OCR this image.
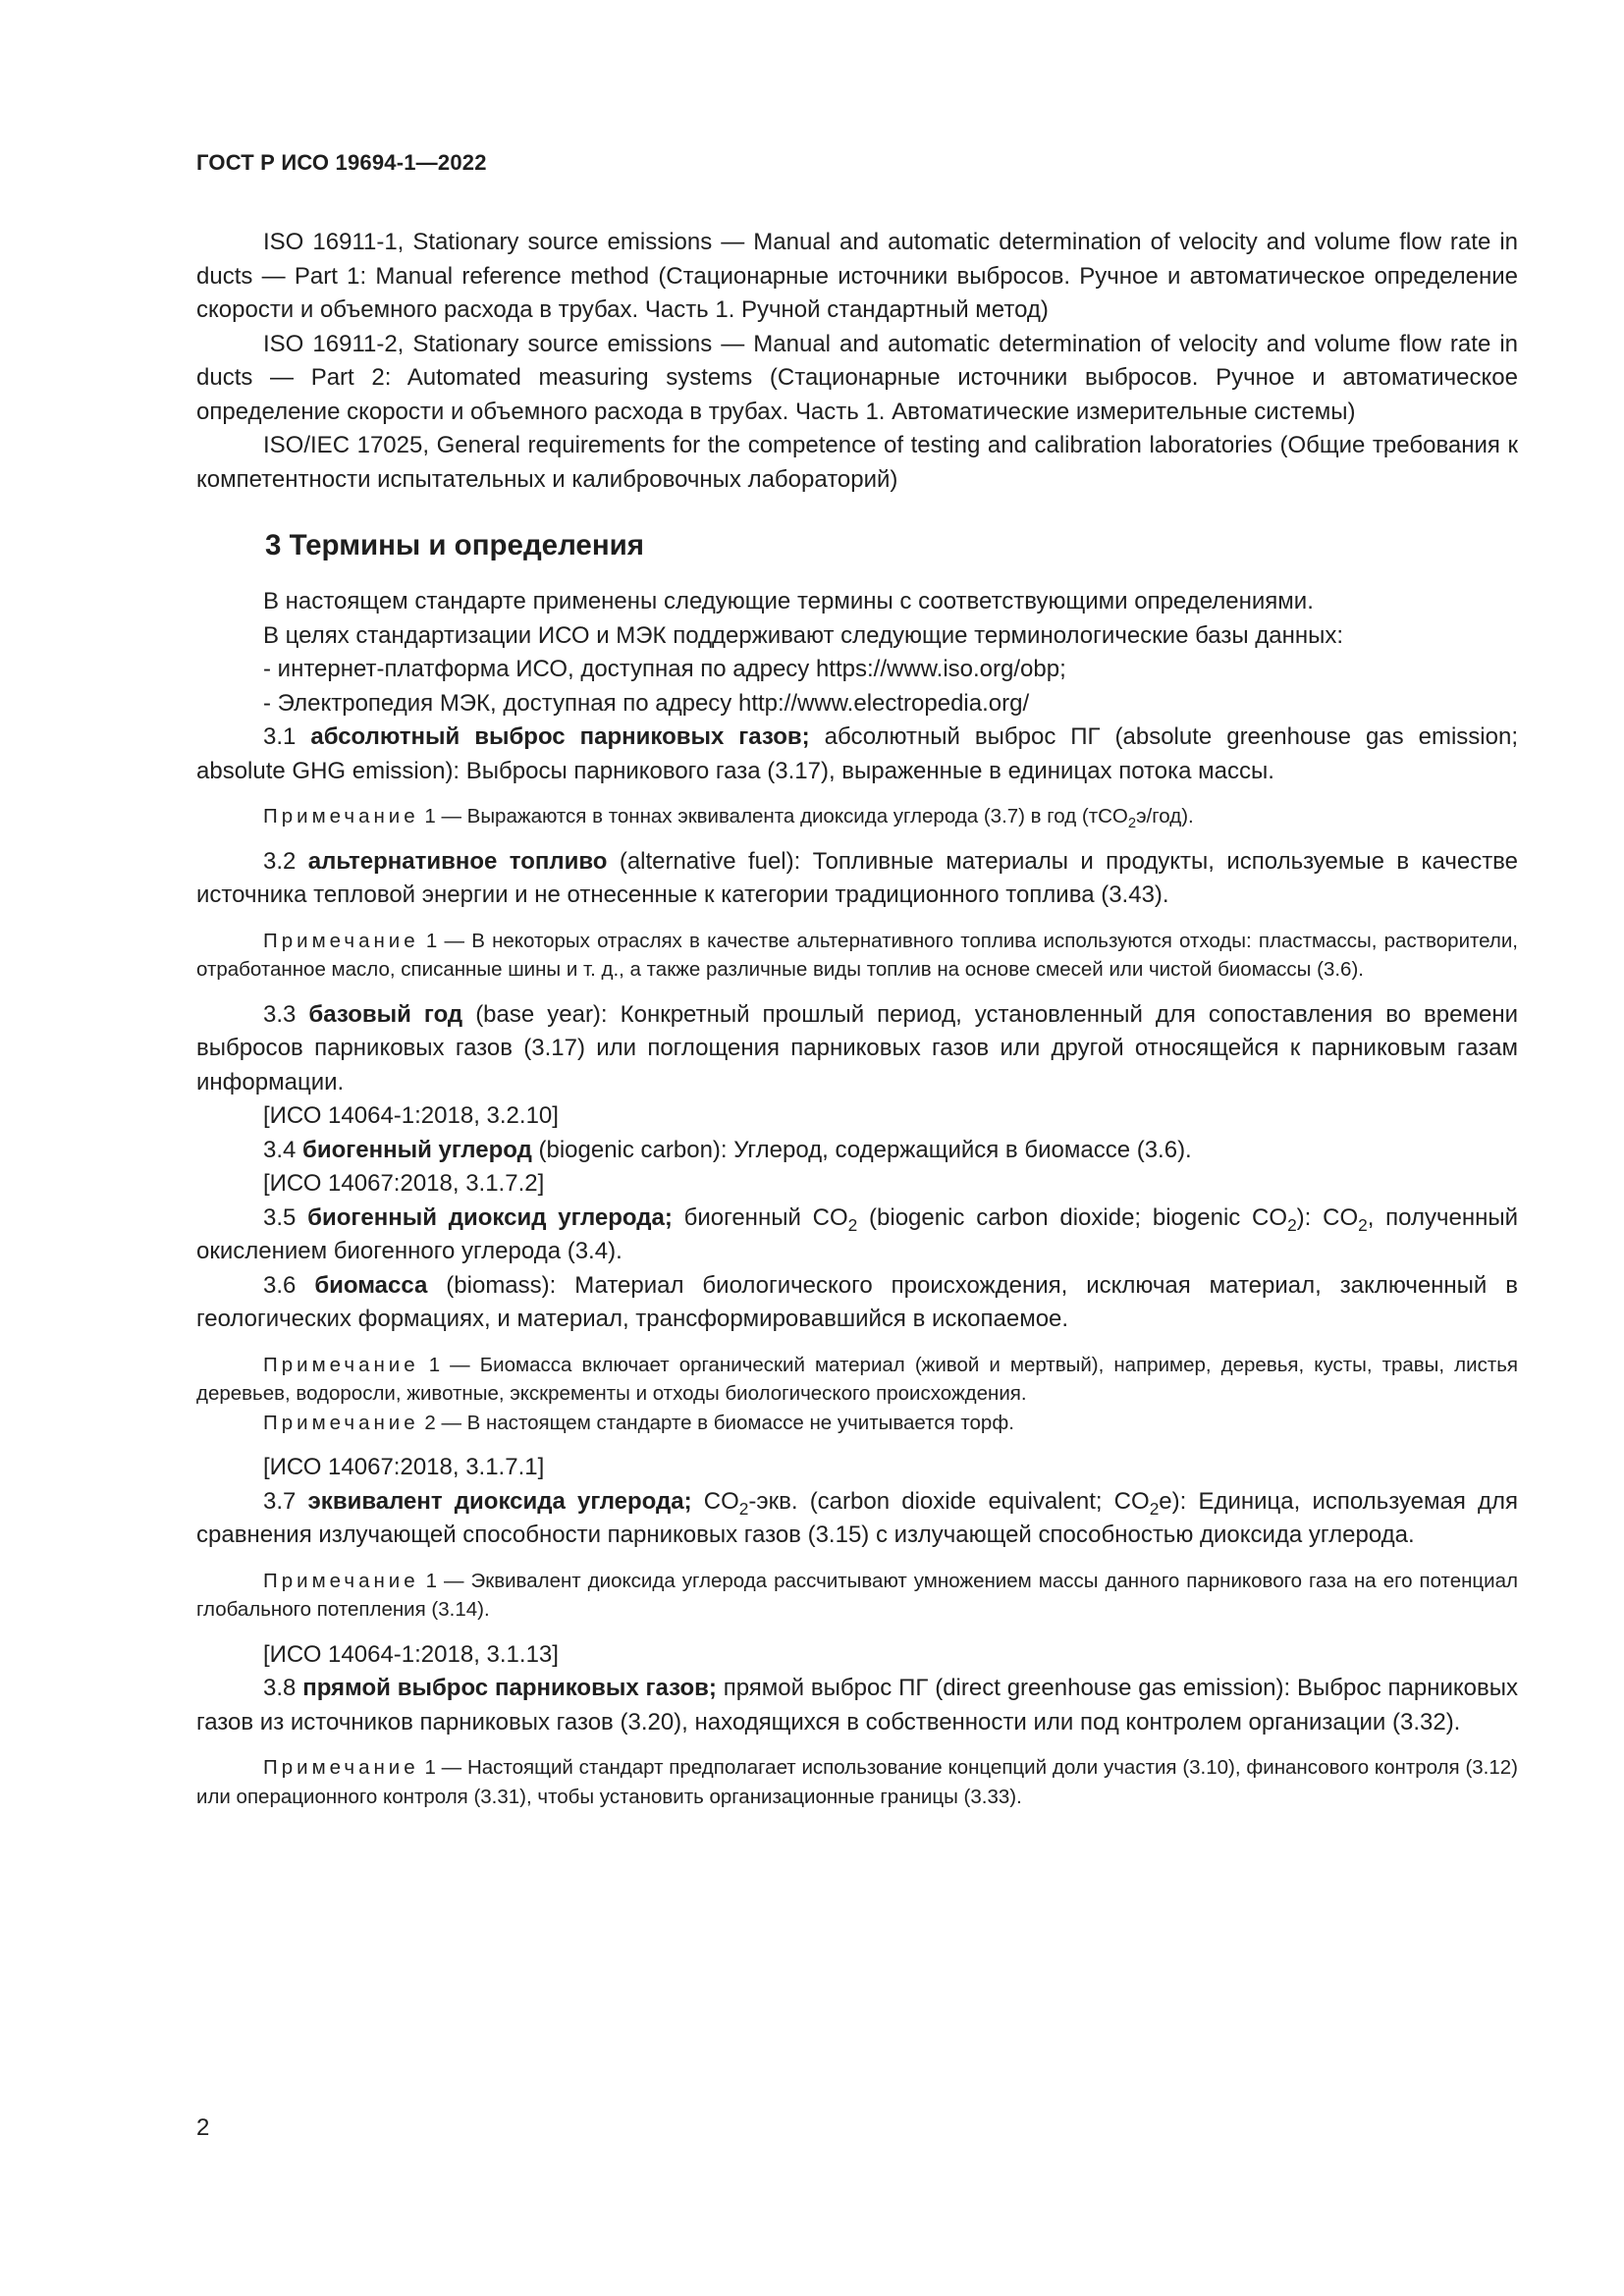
ГОСТ Р ИСО 19694-1—2022

ISO 16911-1, Stationary source emissions — Manual and automatic determination of velocity and volume flow rate in ducts — Part 1: Manual reference method (Стационарные источники выбросов. Ручное и автоматическое определение скорости и объемного расхода в трубах. Часть 1. Ручной стандартный метод)

ISO 16911-2, Stationary source emissions — Manual and automatic determination of velocity and volume flow rate in ducts — Part 2: Automated measuring systems (Стационарные источники выбросов. Ручное и автоматическое определение скорости и объемного расхода в трубах. Часть 1. Автоматические измерительные системы)

ISO/IEC 17025, General requirements for the competence of testing and calibration laboratories (Общие требования к компетентности испытательных и калибровочных лабораторий)

3 Термины и определения

В настоящем стандарте применены следующие термины с соответствующими определениями.

В целях стандартизации ИСО и МЭК поддерживают следующие терминологические базы данных:

- интернет-платформа ИСО, доступная по адресу https://www.iso.org/obp;

- Электропедия МЭК, доступная по адресу http://www.electropedia.org/

3.1 абсолютный выброс парниковых газов; абсолютный выброс ПГ (absolute greenhouse gas emission; absolute GHG emission): Выбросы парникового газа (3.17), выраженные в единицах потока массы.

Примечание 1 — Выражаются в тоннах эквивалента диоксида углерода (3.7) в год (тCO$_2$э/год).

3.2 альтернативное топливо (alternative fuel): Топливные материалы и продукты, используемые в качестве источника тепловой энергии и не отнесенные к категории традиционного топлива (3.43).

Примечание 1 — В некоторых отраслях в качестве альтернативного топлива используются отходы: пластмассы, растворители, отработанное масло, списанные шины и т. д., а также различные виды топлив на основе смесей или чистой биомассы (3.6).

3.3 базовый год (base year): Конкретный прошлый период, установленный для сопоставления во времени выбросов парниковых газов (3.17) или поглощения парниковых газов или другой относящейся к парниковым газам информации.

[ИСО 14064-1:2018, 3.2.10]

3.4 биогенный углерод (biogenic carbon): Углерод, содержащийся в биомассе (3.6).

[ИСО 14067:2018, 3.1.7.2]

3.5 биогенный диоксид углерода; биогенный $CO_2$ (biogenic carbon dioxide; biogenic $CO_2$): $CO_2$, полученный окислением биогенного углерода (3.4).

3.6 биомасса (biomass): Материал биологического происхождения, исключая материал, заключенный в геологических формациях, и материал, трансформировавшийся в ископаемое.

Примечание 1 — Биомасса включает органический материал (живой и мертвый), например, деревья, кусты, травы, листья деревьев, водоросли, животные, экскременты и отходы биологического происхождения.

Примечание 2 — В настоящем стандарте в биомассе не учитывается торф.

[ИСО 14067:2018, 3.1.7.1]

3.7 эквивалент диоксида углерода; $CO_2$-экв. (carbon dioxide equivalent; $CO_2e$): Единица, используемая для сравнения излучающей способности парниковых газов (3.15) с излучающей способностью диоксида углерода.

Примечание 1 — Эквивалент диоксида углерода рассчитывают умножением массы данного парникового газа на его потенциал глобального потепления (3.14).

[ИСО 14064-1:2018, 3.1.13]

3.8 прямой выброс парниковых газов; прямой выброс ПГ (direct greenhouse gas emission): Выброс парниковых газов из источников парниковых газов (3.20), находящихся в собственности или под контролем организации (3.32).

Примечание 1 — Настоящий стандарт предполагает использование концепций доли участия (3.10), финансового контроля (3.12) или операционного контроля (3.31), чтобы установить организационные границы (3.33).

2
